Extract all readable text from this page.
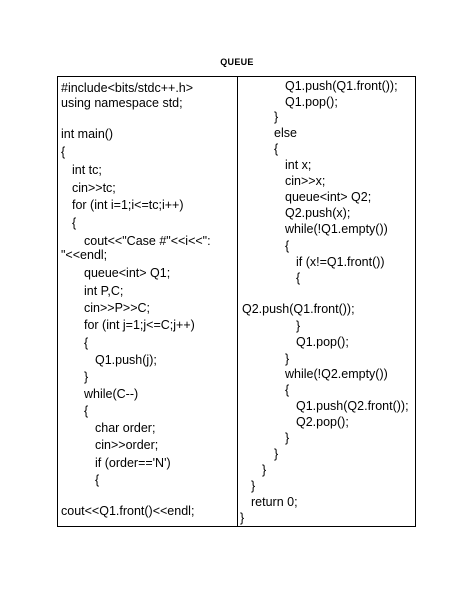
QUEUE
#include<bits/stdc++.h>
using namespace std;
int main()
{
int tc;
cin>>tc;
for (int i=1;i<=tc;i++)
{
cout<<"Case #"<<i<<":
"<<endl;
queue<int> Q1;
int P,C;
cin>>P>>C;
for (int j=1;j<=C;j++)
{
Q1.push(j);
}
while(C--)
{
char order;
cin>>order;
if (order=='N')
{
cout<<Q1.front()<<endl;
Q1.push(Q1.front());
Q1.pop();
}
else
{
int x;
cin>>x;
queue<int> Q2;
Q2.push(x);
while(!Q1.empty())
{
if (x!=Q1.front())
{
Q2.push(Q1.front());
}
Q1.pop();
}
while(!Q2.empty())
{
Q1.push(Q2.front());
Q2.pop();
}
}
}
}
return 0;
}
